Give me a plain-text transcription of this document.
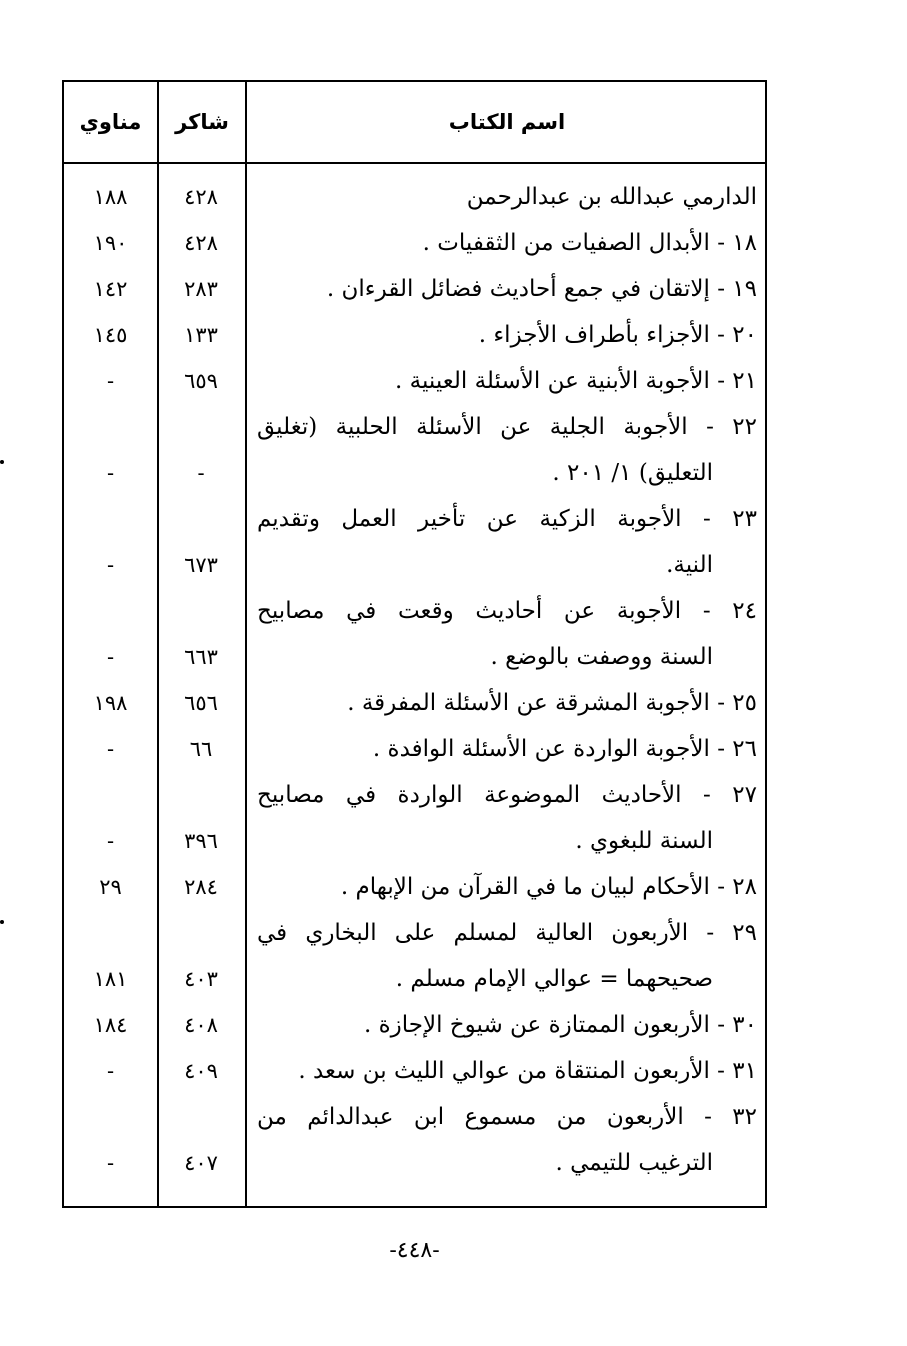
اسم الكتاب
شاكر
مناوي
الدارمي عبدالله بن عبدالرحمن
٤٢٨
١٨٨
١٨ - الأبدال الصفيات من الثقفيات .
٤٢٨
١٩٠
١٩ - إلاتقان في جمع أحاديث فضائل القرءان .
٢٨٣
١٤٢
٢٠ - الأجزاء بأطراف الأجزاء .
١٣٣
١٤٥
٢١ - الأجوبة الأبنية عن الأسئلة العينية .
٦٥٩
-
٢٢ - الأجوبة الجلية عن الأسئلة الحلبية (تغليق
التعليق) ١/ ٢٠١ .
-
-
٢٣ - الأجوبة الزكية عن تأخير العمل وتقديم
النية.
٦٧٣
-
٢٤ - الأجوبة عن أحاديث وقعت في مصابيح
السنة ووصفت بالوضع .
٦٦٣
-
٢٥ - الأجوبة المشرقة عن الأسئلة المفرقة .
٦٥٦
١٩٨
٢٦ - الأجوبة الواردة عن الأسئلة الوافدة .
٦٦
-
٢٧ - الأحاديث الموضوعة الواردة في مصابيح
السنة للبغوي .
٣٩٦
-
٢٨ - الأحكام لبيان ما في القرآن من الإبهام .
٢٨٤
٢٩
٢٩ - الأربعون العالية لمسلم على البخاري في
صحيحهما = عوالي الإمام مسلم .
٤٠٣
١٨١
٣٠ - الأربعون الممتازة عن شيوخ الإجازة .
٤٠٨
١٨٤
٣١ - الأربعون المنتقاة من عوالي الليث بن سعد .
٤٠٩
-
٣٢ - الأربعون من مسموع ابن عبدالدائم من
الترغيب للتيمي .
٤٠٧
-
-٤٤٨-
